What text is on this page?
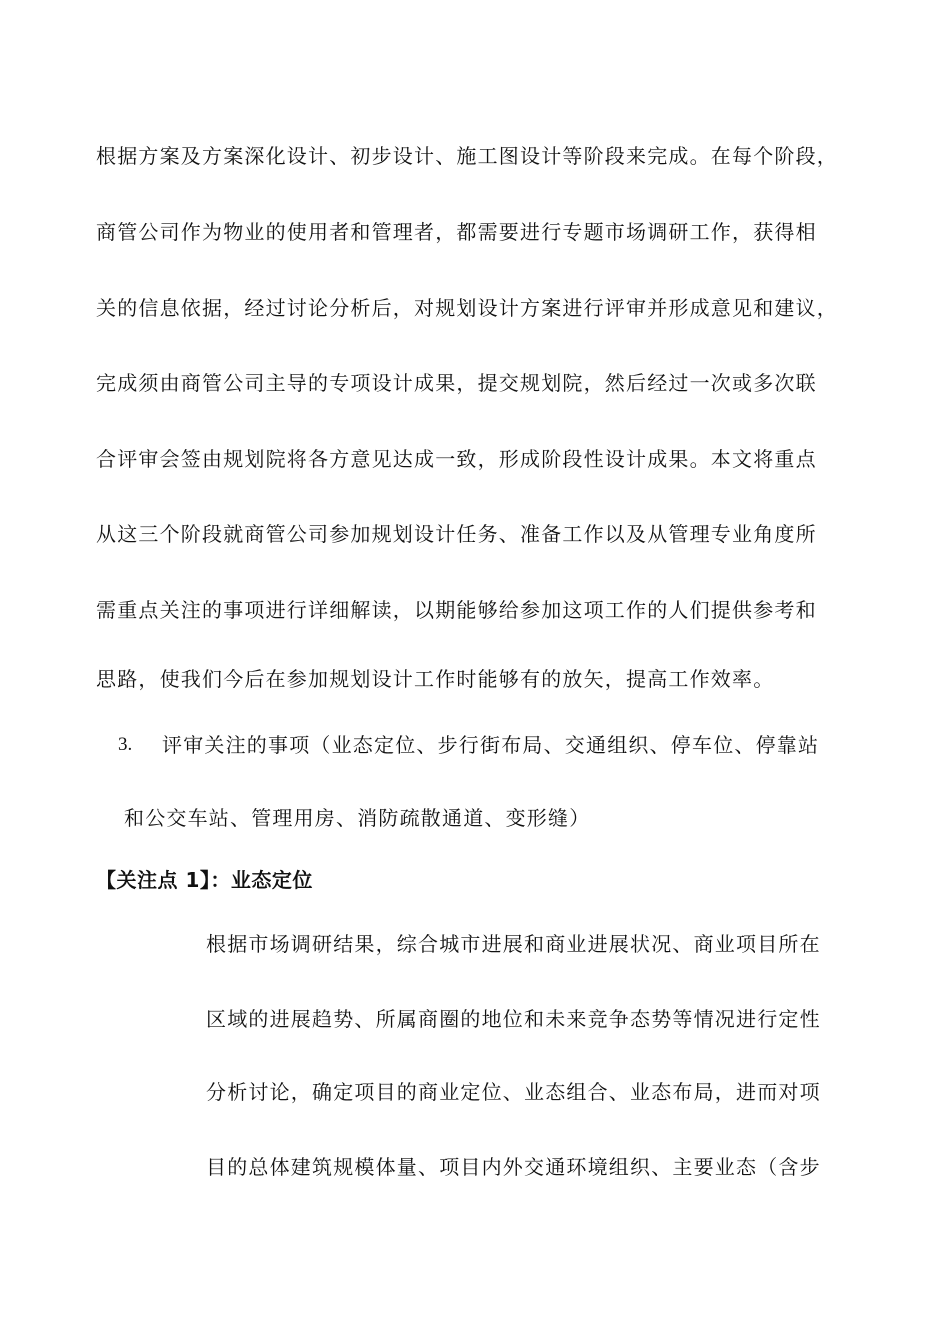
根据方案及方案深化设计、初步设计、施工图设计等阶段来完成。在每个阶段，
商管公司作为物业的使用者和管理者，都需要进行专题市场调研工作，获得相
关的信息依据，经过讨论分析后，对规划设计方案进行评审并形成意见和建议，
完成须由商管公司主导的专项设计成果，提交规划院，然后经过一次或多次联
合评审会签由规划院将各方意见达成一致，形成阶段性设计成果。本文将重点
从这三个阶段就商管公司参加规划设计任务、准备工作以及从管理专业角度所
需重点关注的事项进行详细解读，以期能够给参加这项工作的人们提供参考和
思路，使我们今后在参加规划设计工作时能够有的放矢，提高工作效率。
3. 评审关注的事项（业态定位、步行街布局、交通组织、停车位、停靠站
和公交车站、管理用房、消防疏散通道、变形缝）
【关注点 1】：业态定位
根据市场调研结果，综合城市进展和商业进展状况、商业项目所在
区域的进展趋势、所属商圈的地位和未来竞争态势等情况进行定性
分析讨论，确定项目的商业定位、业态组合、业态布局，进而对项
目的总体建筑规模体量、项目内外交通环境组织、主要业态（含步
